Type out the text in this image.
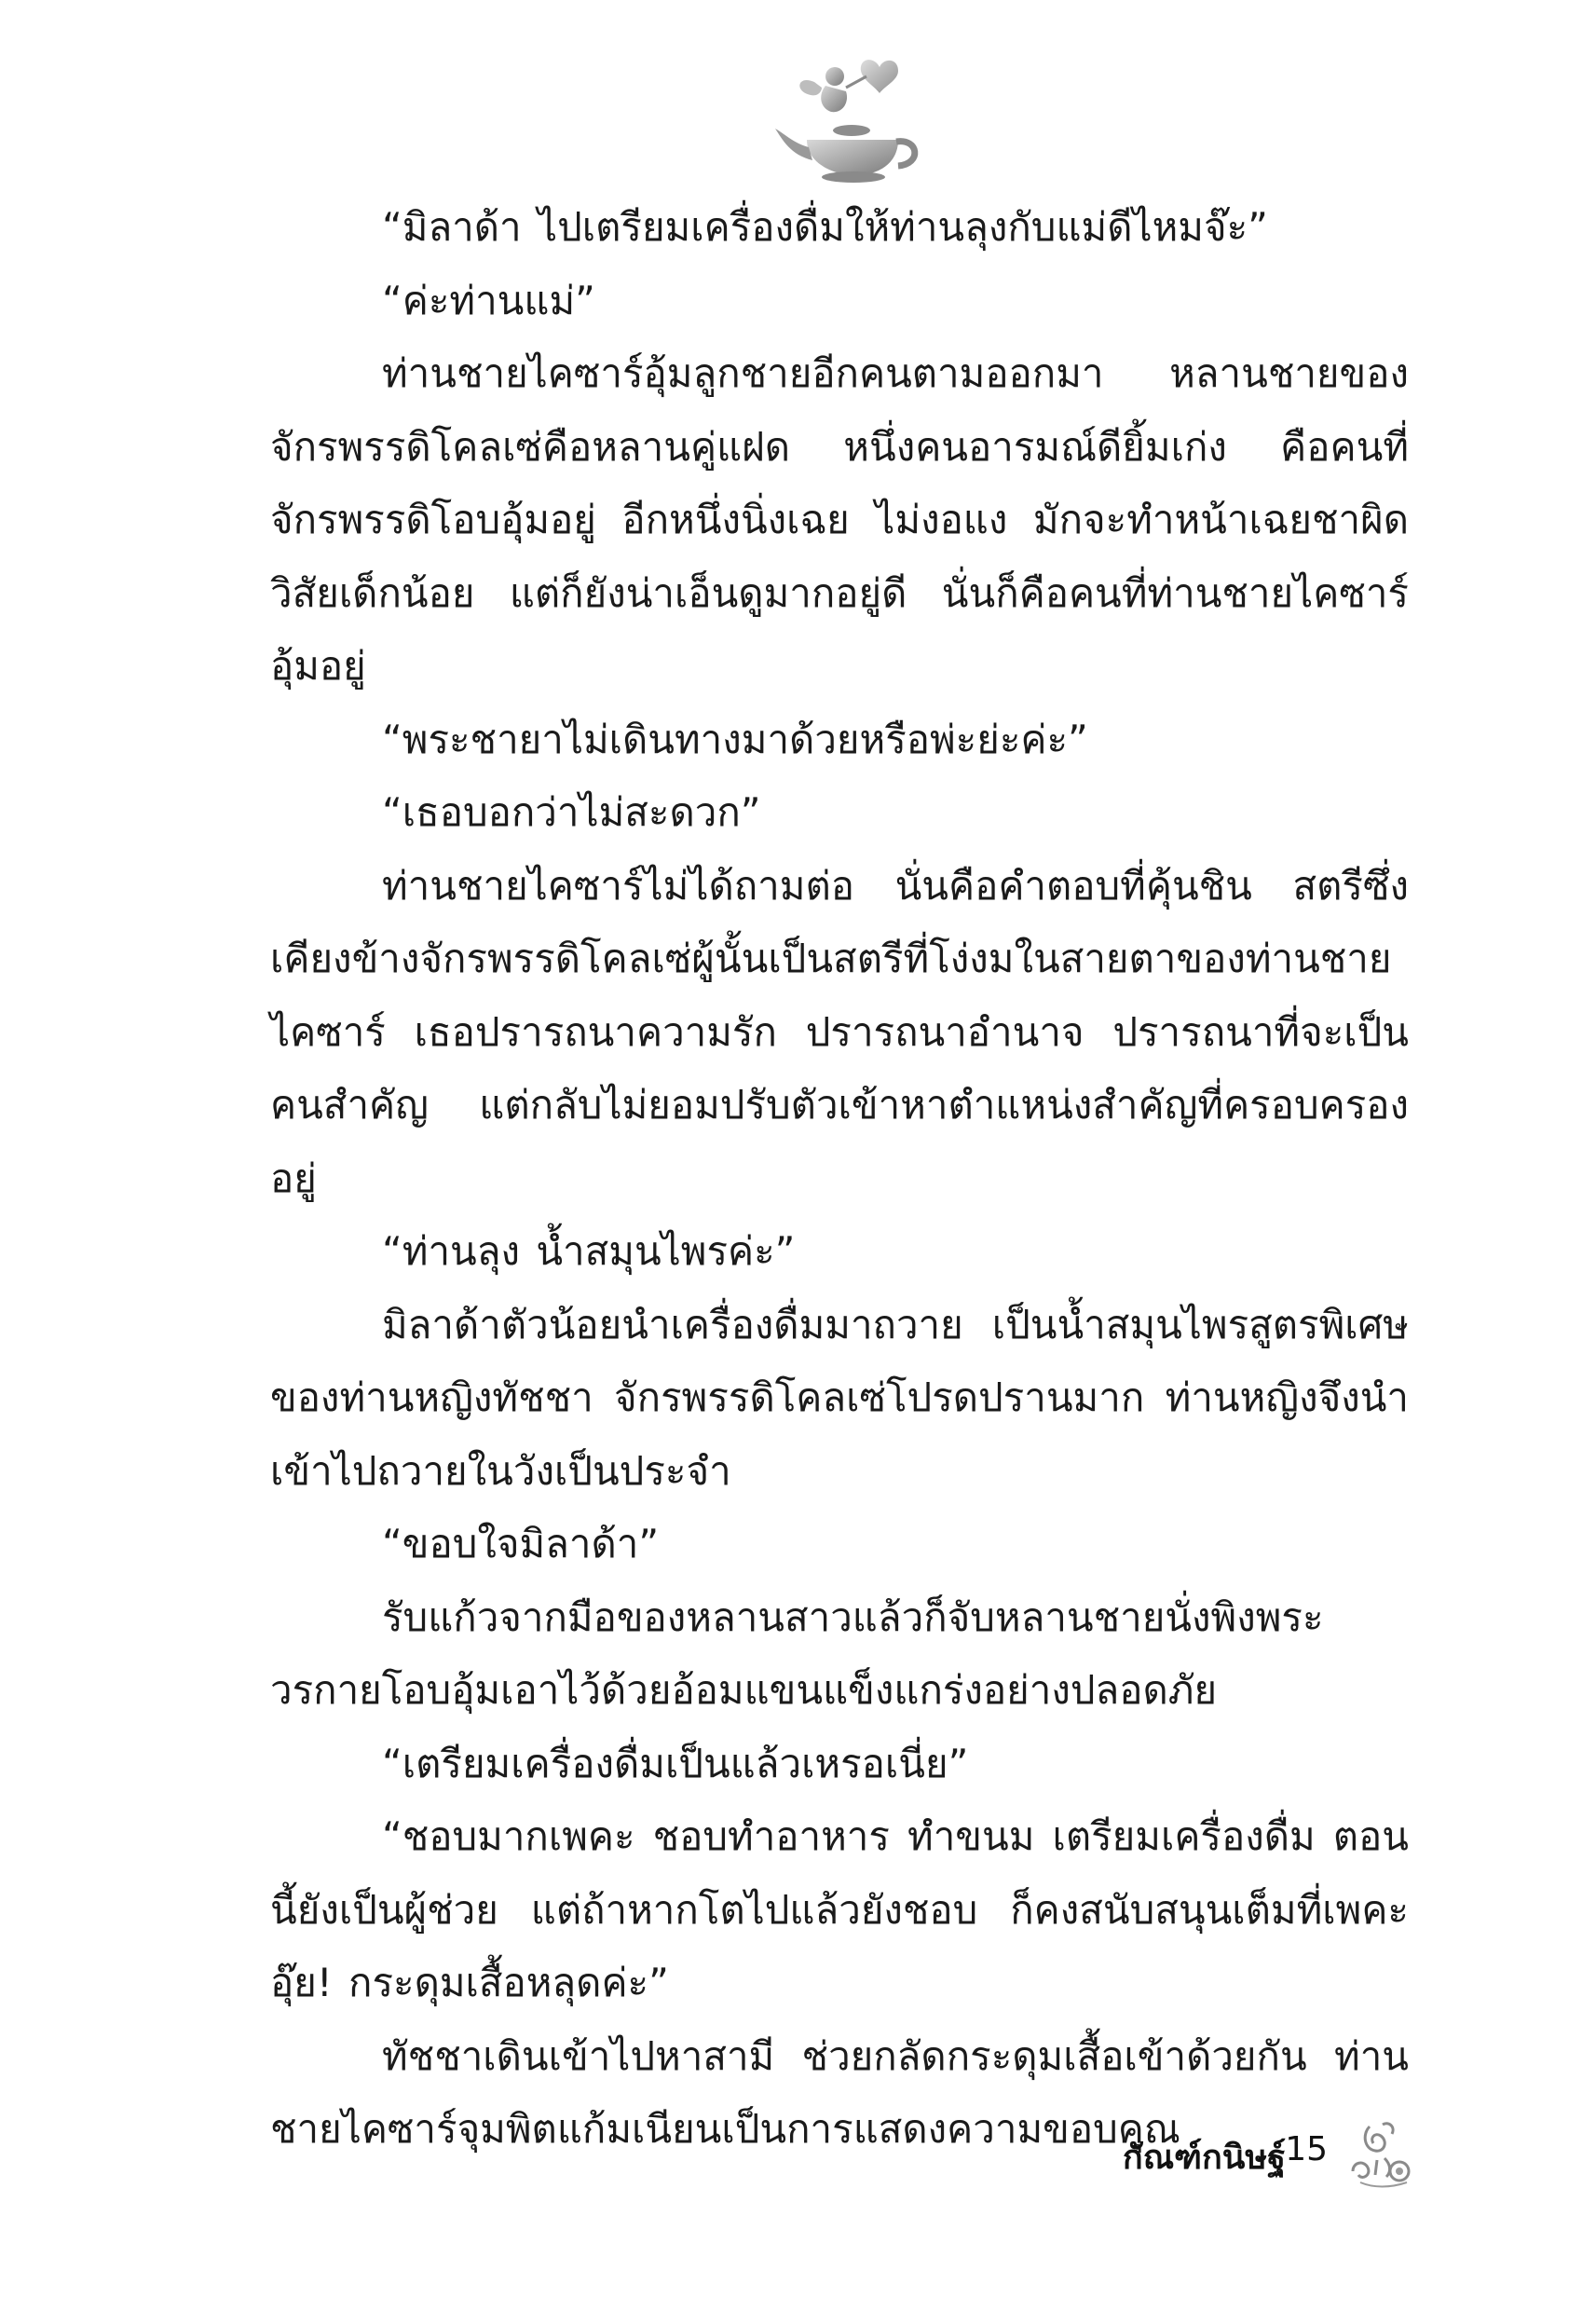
“มิลาด้า ไปเตรียมเครื่องดื่มให้ท่านลุงกับแม่ดีไหมจ๊ะ”

“ค่ะท่านแม่”

ท่านชายไคซาร์อุ้มลูกชายอีกคนตามออกมา หลานชายของจักรพรรดิโคลเซ่คือหลานคู่แฝด หนึ่งคนอารมณ์ดียิ้มเก่ง คือคนที่จักรพรรดิโอบอุ้มอยู่ อีกหนึ่งนิ่งเฉย ไม่งอแง มักจะทำหน้าเฉยชาผิดวิสัยเด็กน้อย แต่ก็ยังน่าเอ็นดูมากอยู่ดี นั่นก็คือคนที่ท่านชายไคซาร์อุ้มอยู่

“พระชายาไม่เดินทางมาด้วยหรือพ่ะย่ะค่ะ”

“เธอบอกว่าไม่สะดวก”

ท่านชายไคซาร์ไม่ได้ถามต่อ นั่นคือคำตอบที่คุ้นชิน สตรีซึ่งเคียงข้างจักรพรรดิโคลเซ่ผู้นั้นเป็นสตรีที่โง่งมในสายตาของท่านชายไคซาร์ เธอปรารถนาความรัก ปรารถนาอำนาจ ปรารถนาที่จะเป็นคนสำคัญ แต่กลับไม่ยอมปรับตัวเข้าหาตำแหน่งสำคัญที่ครอบครองอยู่

“ท่านลุง น้ำสมุนไพรค่ะ”

มิลาด้าตัวน้อยนำเครื่องดื่มมาถวาย เป็นน้ำสมุนไพรสูตรพิเศษของท่านหญิงทัชชา จักรพรรดิโคลเซ่โปรดปรานมาก ท่านหญิงจึงนำเข้าไปถวายในวังเป็นประจำ

“ขอบใจมิลาด้า”

รับแก้วจากมือของหลานสาวแล้วก็จับหลานชายนั่งพิงพระวรกายโอบอุ้มเอาไว้ด้วยอ้อมแขนแข็งแกร่งอย่างปลอดภัย

“เตรียมเครื่องดื่มเป็นแล้วเหรอเนี่ย”

“ชอบมากเพคะ ชอบทำอาหาร ทำขนม เตรียมเครื่องดื่ม ตอนนี้ยังเป็นผู้ช่วย แต่ถ้าหากโตไปแล้วยังชอบ ก็คงสนับสนุนเต็มที่เพคะ อุ๊ย! กระดุมเสื้อหลุดค่ะ”

ทัชชาเดินเข้าไปหาสามี ช่วยกลัดกระดุมเสื้อเข้าด้วยกัน ท่านชายไคซาร์จุมพิตแก้มเนียนเป็นการแสดงความขอบคุณ

กัณฑ์กนิษฐ์ 15
